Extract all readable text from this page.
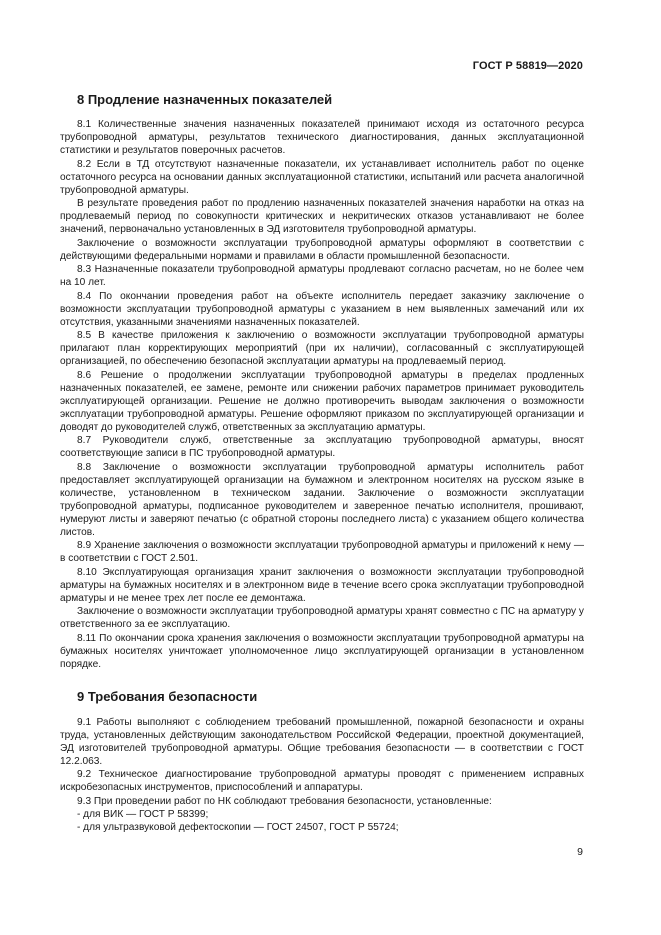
ГОСТ Р 58819—2020
8 Продление назначенных показателей

8.1 Количественные значения назначенных показателей принимают исходя из остаточного ресурса трубопроводной арматуры, результатов технического диагностирования, данных эксплуатационной статистики и результатов поверочных расчетов.

8.2 Если в ТД отсутствуют назначенные показатели, их устанавливает исполнитель работ по оценке остаточного ресурса на основании данных эксплуатационной статистики, испытаний или расчета аналогичной трубопроводной арматуры.

В результате проведения работ по продлению назначенных показателей значения наработки на отказ на продлеваемый период по совокупности критических и некритических отказов устанавливают не более значений, первоначально установленных в ЭД изготовителя трубопроводной арматуры.

Заключение о возможности эксплуатации трубопроводной арматуры оформляют в соответствии с действующими федеральными нормами и правилами в области промышленной безопасности.

8.3 Назначенные показатели трубопроводной арматуры продлевают согласно расчетам, но не более чем на 10 лет.

8.4 По окончании проведения работ на объекте исполнитель передает заказчику заключение о возможности эксплуатации трубопроводной арматуры с указанием в нем выявленных замечаний или их отсутствия, указанными значениями назначенных показателей.

8.5 В качестве приложения к заключению о возможности эксплуатации трубопроводной арматуры прилагают план корректирующих мероприятий (при их наличии), согласованный с эксплуатирующей организацией, по обеспечению безопасной эксплуатации арматуры на продлеваемый период.

8.6 Решение о продолжении эксплуатации трубопроводной арматуры в пределах продленных назначенных показателей, ее замене, ремонте или снижении рабочих параметров принимает руководитель эксплуатирующей организации. Решение не должно противоречить выводам заключения о возможности эксплуатации трубопроводной арматуры. Решение оформляют приказом по эксплуатирующей организации и доводят до руководителей служб, ответственных за эксплуатацию арматуры.

8.7 Руководители служб, ответственные за эксплуатацию трубопроводной арматуры, вносят соответствующие записи в ПС трубопроводной арматуры.

8.8 Заключение о возможности эксплуатации трубопроводной арматуры исполнитель работ предоставляет эксплуатирующей организации на бумажном и электронном носителях на русском языке в количестве, установленном в техническом задании. Заключение о возможности эксплуатации трубопроводной арматуры, подписанное руководителем и заверенное печатью исполнителя, прошивают, нумеруют листы и заверяют печатью (с обратной стороны последнего листа) с указанием общего количества листов.

8.9 Хранение заключения о возможности эксплуатации трубопроводной арматуры и приложений к нему — в соответствии с ГОСТ 2.501.

8.10 Эксплуатирующая организация хранит заключения о возможности эксплуатации трубопроводной арматуры на бумажных носителях и в электронном виде в течение всего срока эксплуатации трубопроводной арматуры и не менее трех лет после ее демонтажа.

Заключение о возможности эксплуатации трубопроводной арматуры хранят совместно с ПС на арматуру у ответственного за ее эксплуатацию.

8.11 По окончании срока хранения заключения о возможности эксплуатации трубопроводной арматуры на бумажных носителях уничтожает уполномоченное лицо эксплуатирующей организации в установленном порядке.

9 Требования безопасности

9.1 Работы выполняют с соблюдением требований промышленной, пожарной безопасности и охраны труда, установленных действующим законодательством Российской Федерации, проектной документацией, ЭД изготовителей трубопроводной арматуры. Общие требования безопасности — в соответствии с ГОСТ 12.2.063.

9.2 Техническое диагностирование трубопроводной арматуры проводят с применением исправных искробезопасных инструментов, приспособлений и аппаратуры.

9.3 При проведении работ по НК соблюдают требования безопасности, установленные:

- для ВИК — ГОСТ Р 58399;

- для ультразвуковой дефектоскопии — ГОСТ 24507, ГОСТ Р 55724;

9
